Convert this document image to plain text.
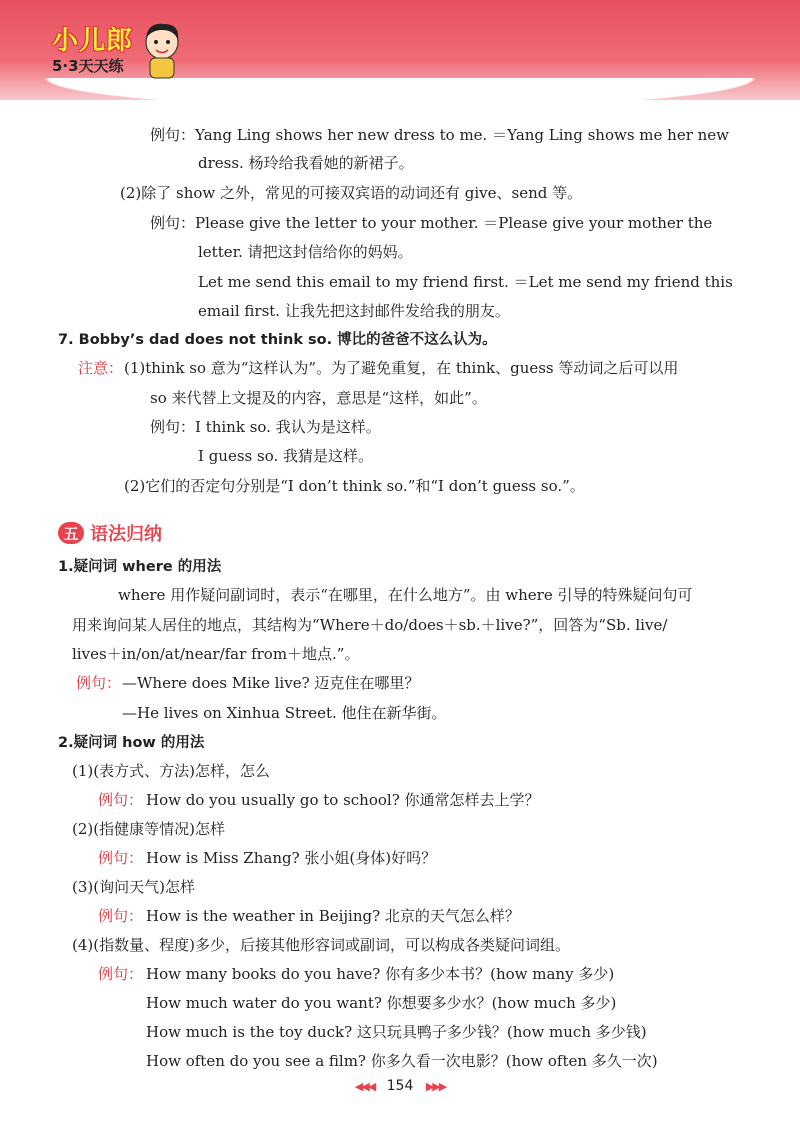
小儿郎
5·3天天练
例句：Yang Ling shows her new dress to me. ＝Yang Ling shows me her new
dress. 杨玲给我看她的新裙子。
(2)除了 show 之外，常见的可接双宾语的动词还有 give、send 等。
例句：Please give the letter to your mother. ＝Please give your mother the
letter. 请把这封信给你的妈妈。
Let me send this email to my friend first. ＝Let me send my friend this
email first. 让我先把这封邮件发给我的朋友。
7. Bobby’s dad does not think so. 博比的爸爸不这么认为。
注意： (1)think so 意为“这样认为”。为了避免重复，在 think、guess 等动词之后可以用
so 来代替上文提及的内容，意思是“这样，如此”。
例句：I think so. 我认为是这样。
I guess so. 我猜是这样。
(2)它们的否定句分别是“I don’t think so.”和“I don’t guess so.”。
五 语法归纳
1.疑问词 where 的用法
where 用作疑问副词时，表示“在哪里，在什么地方”。由 where 引导的特殊疑问句可
用来询问某人居住的地点，其结构为“Where＋do/does＋sb.＋live?”，回答为“Sb. live/
lives＋in/on/at/near/far from＋地点.”。
例句： —Where does Mike live? 迈克住在哪里？
—He lives on Xinhua Street. 他住在新华街。
2.疑问词 how 的用法
(1)(表方式、方法)怎样，怎么
例句： How do you usually go to school? 你通常怎样去上学？
(2)(指健康等情况)怎样
例句： How is Miss Zhang? 张小姐(身体)好吗？
(3)(询问天气)怎样
例句： How is the weather in Beijing? 北京的天气怎么样？
(4)(指数量、程度)多少，后接其他形容词或副词，可以构成各类疑问词组。
例句： How many books do you have? 你有多少本书？(how many 多少)
How much water do you want? 你想要多少水？(how much 多少)
How much is the toy duck? 这只玩具鸭子多少钱？(how much 多少钱)
How often do you see a film? 你多久看一次电影？(how often 多久一次)
◀◀◀ 154 ▶▶▶
